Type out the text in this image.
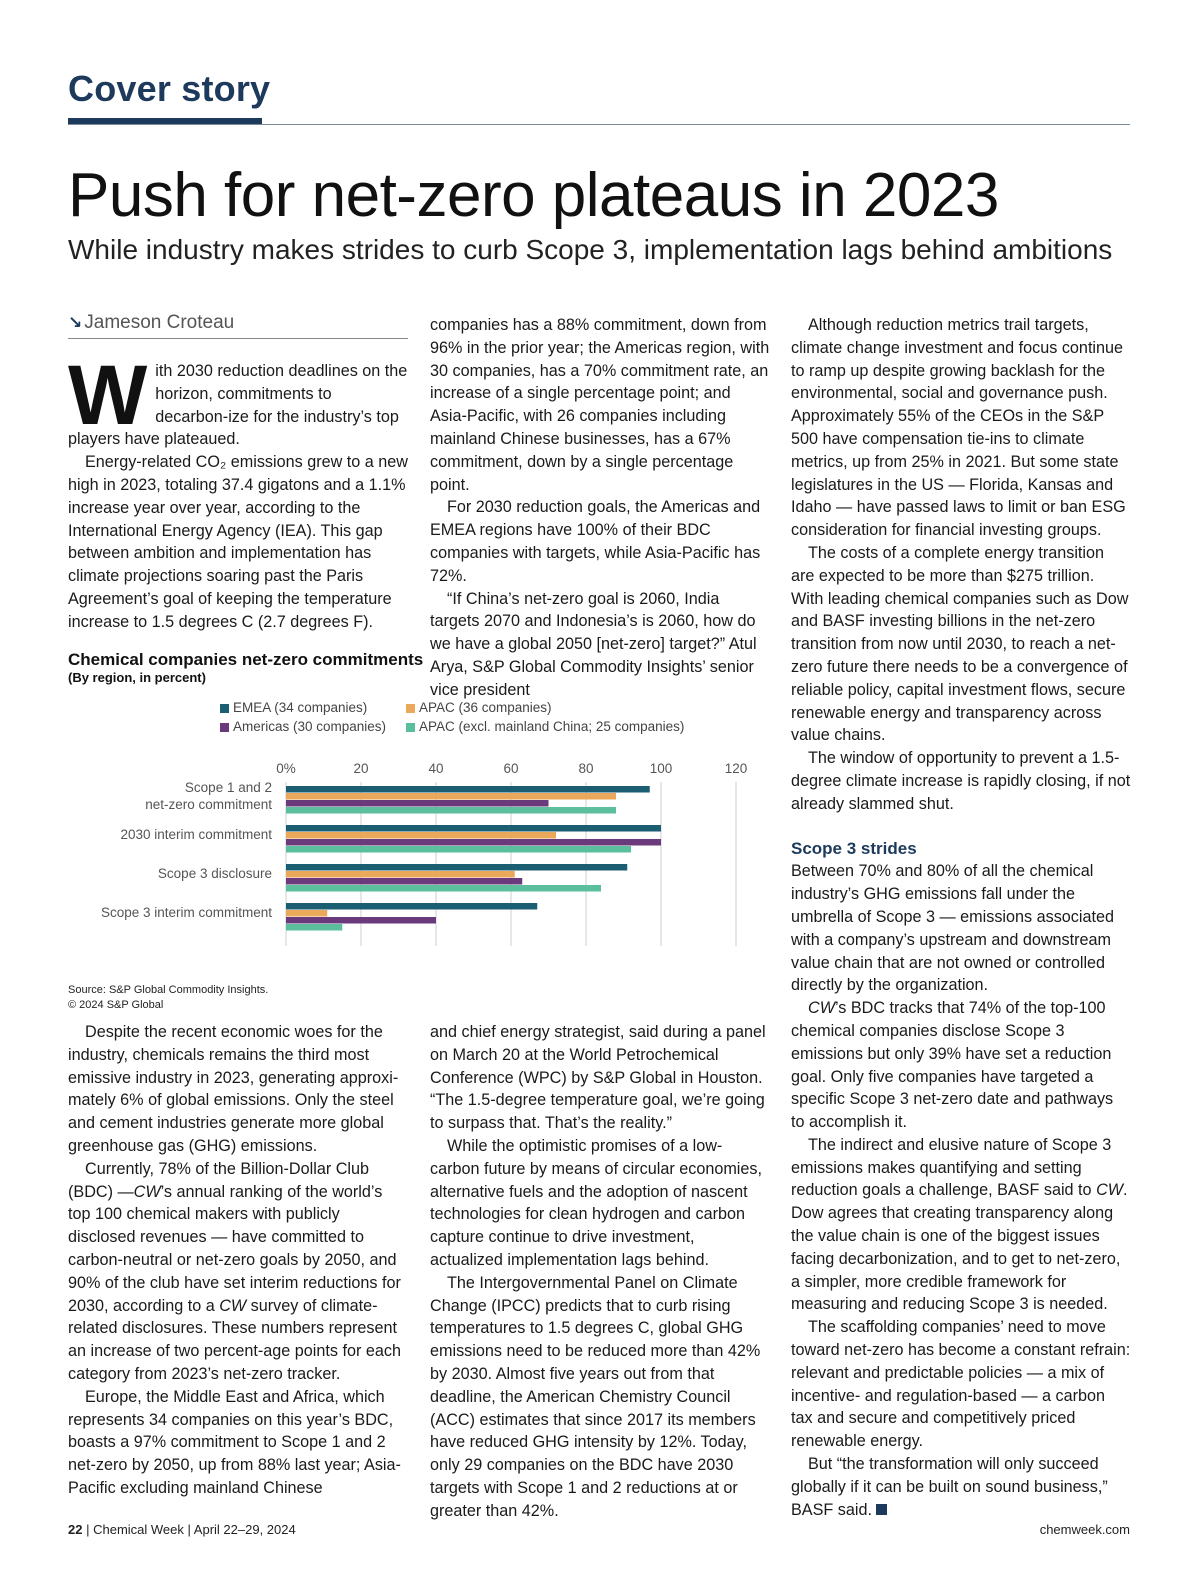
Cover story
Push for net-zero plateaus in 2023
While industry makes strides to curb Scope 3, implementation lags behind ambitions
↘ Jameson Croteau

With 2030 reduction deadlines on the horizon, commitments to decarbon-ize for the industry’s top players have plateaued.

Energy-related CO₂ emissions grew to a new high in 2023, totaling 37.4 gigatons and a 1.1% increase year over year, according to the International Energy Agency (IEA). This gap between ambition and implementation has climate projections soaring past the Paris Agreement’s goal of keeping the temperature increase to 1.5 degrees C (2.7 degrees F).

companies has a 88% commitment, down from 96% in the prior year; the Americas region, with 30 companies, has a 70% commitment rate, an increase of a single percentage point; and Asia-Pacific, with 26 companies including mainland Chinese businesses, has a 67% commitment, down by a single percentage point.

For 2030 reduction goals, the Americas and EMEA regions have 100% of their BDC companies with targets, while Asia-Pacific has 72%.

“If China’s net-zero goal is 2060, India targets 2070 and Indonesia’s is 2060, how do we have a global 2050 [net-zero] target?” Atul Arya, S&P Global Commodity Insights’ senior vice president

Chemical companies net-zero commitments
(By region, in percent)
EMEA (34 companies)	APAC (36 companies)
Americas (30 companies) APAC (excl. mainland China; 25 companies)
0%	20	40	60	80	100	120
Scope 1 and 2 net-zero commitment
2030 interim commitment
Scope 3 disclosure
Scope 3 interim commitment
Source: S&P Global Commodity Insights.
© 2024 S&P Global

Despite the recent economic woes for the industry, chemicals remains the third most emissive industry in 2023, generating approxi-mately 6% of global emissions. Only the steel and cement industries generate more global greenhouse gas (GHG) emissions.

Currently, 78% of the Billion-Dollar Club (BDC) —CW’s annual ranking of the world’s top 100 chemical makers with publicly disclosed revenues — have committed to carbon-neutral or net-zero goals by 2050, and 90% of the club have set interim reductions for 2030, according to a CW survey of climate-related disclosures. These numbers represent an increase of two percent-age points for each category from 2023’s net-zero tracker.

Europe, the Middle East and Africa, which represents 34 companies on this year’s BDC, boasts a 97% commitment to Scope 1 and 2 net-zero by 2050, up from 88% last year; Asia-Pacific excluding mainland Chinese

and chief energy strategist, said during a panel on March 20 at the World Petrochemical Conference (WPC) by S&P Global in Houston. “The 1.5-degree temperature goal, we’re going to surpass that. That’s the reality.”

While the optimistic promises of a low-carbon future by means of circular economies, alternative fuels and the adoption of nascent technologies for clean hydrogen and carbon capture continue to drive investment, actualized implementation lags behind.

The Intergovernmental Panel on Climate Change (IPCC) predicts that to curb rising temperatures to 1.5 degrees C, global GHG emissions need to be reduced more than 42% by 2030. Almost five years out from that deadline, the American Chemistry Council (ACC) estimates that since 2017 its members have reduced GHG intensity by 12%. Today, only 29 companies on the BDC have 2030 targets with Scope 1 and 2 reductions at or greater than 42%.

Although reduction metrics trail targets, climate change investment and focus continue to ramp up despite growing backlash for the environmental, social and governance push. Approximately 55% of the CEOs in the S&P 500 have compensation tie-ins to climate metrics, up from 25% in 2021. But some state legislatures in the US — Florida, Kansas and Idaho — have passed laws to limit or ban ESG consideration for financial investing groups.

The costs of a complete energy transition are expected to be more than $275 trillion. With leading chemical companies such as Dow and BASF investing billions in the net-zero transition from now until 2030, to reach a net-zero future there needs to be a convergence of reliable policy, capital investment flows, secure renewable energy and transparency across value chains.

The window of opportunity to prevent a 1.5-degree climate increase is rapidly closing, if not already slammed shut.

Scope 3 strides

Between 70% and 80% of all the chemical industry’s GHG emissions fall under the umbrella of Scope 3 — emissions associated with a company’s upstream and downstream value chain that are not owned or controlled directly by the organization.

CW’s BDC tracks that 74% of the top-100 chemical companies disclose Scope 3 emissions but only 39% have set a reduction goal. Only five companies have targeted a specific Scope 3 net-zero date and pathways to accomplish it.

The indirect and elusive nature of Scope 3 emissions makes quantifying and setting reduction goals a challenge, BASF said to CW. Dow agrees that creating transparency along the value chain is one of the biggest issues facing decarbonization, and to get to net-zero, a simpler, more credible framework for measuring and reducing Scope 3 is needed.

The scaffolding companies’ need to move toward net-zero has become a constant refrain: relevant and predictable policies — a mix of incentive- and regulation-based — a carbon tax and secure and competitively priced renewable energy.

But “the transformation will only succeed globally if it can be built on sound business,” BASF said.

22 | Chemical Week | April 22–29, 2024	chemweek.com
